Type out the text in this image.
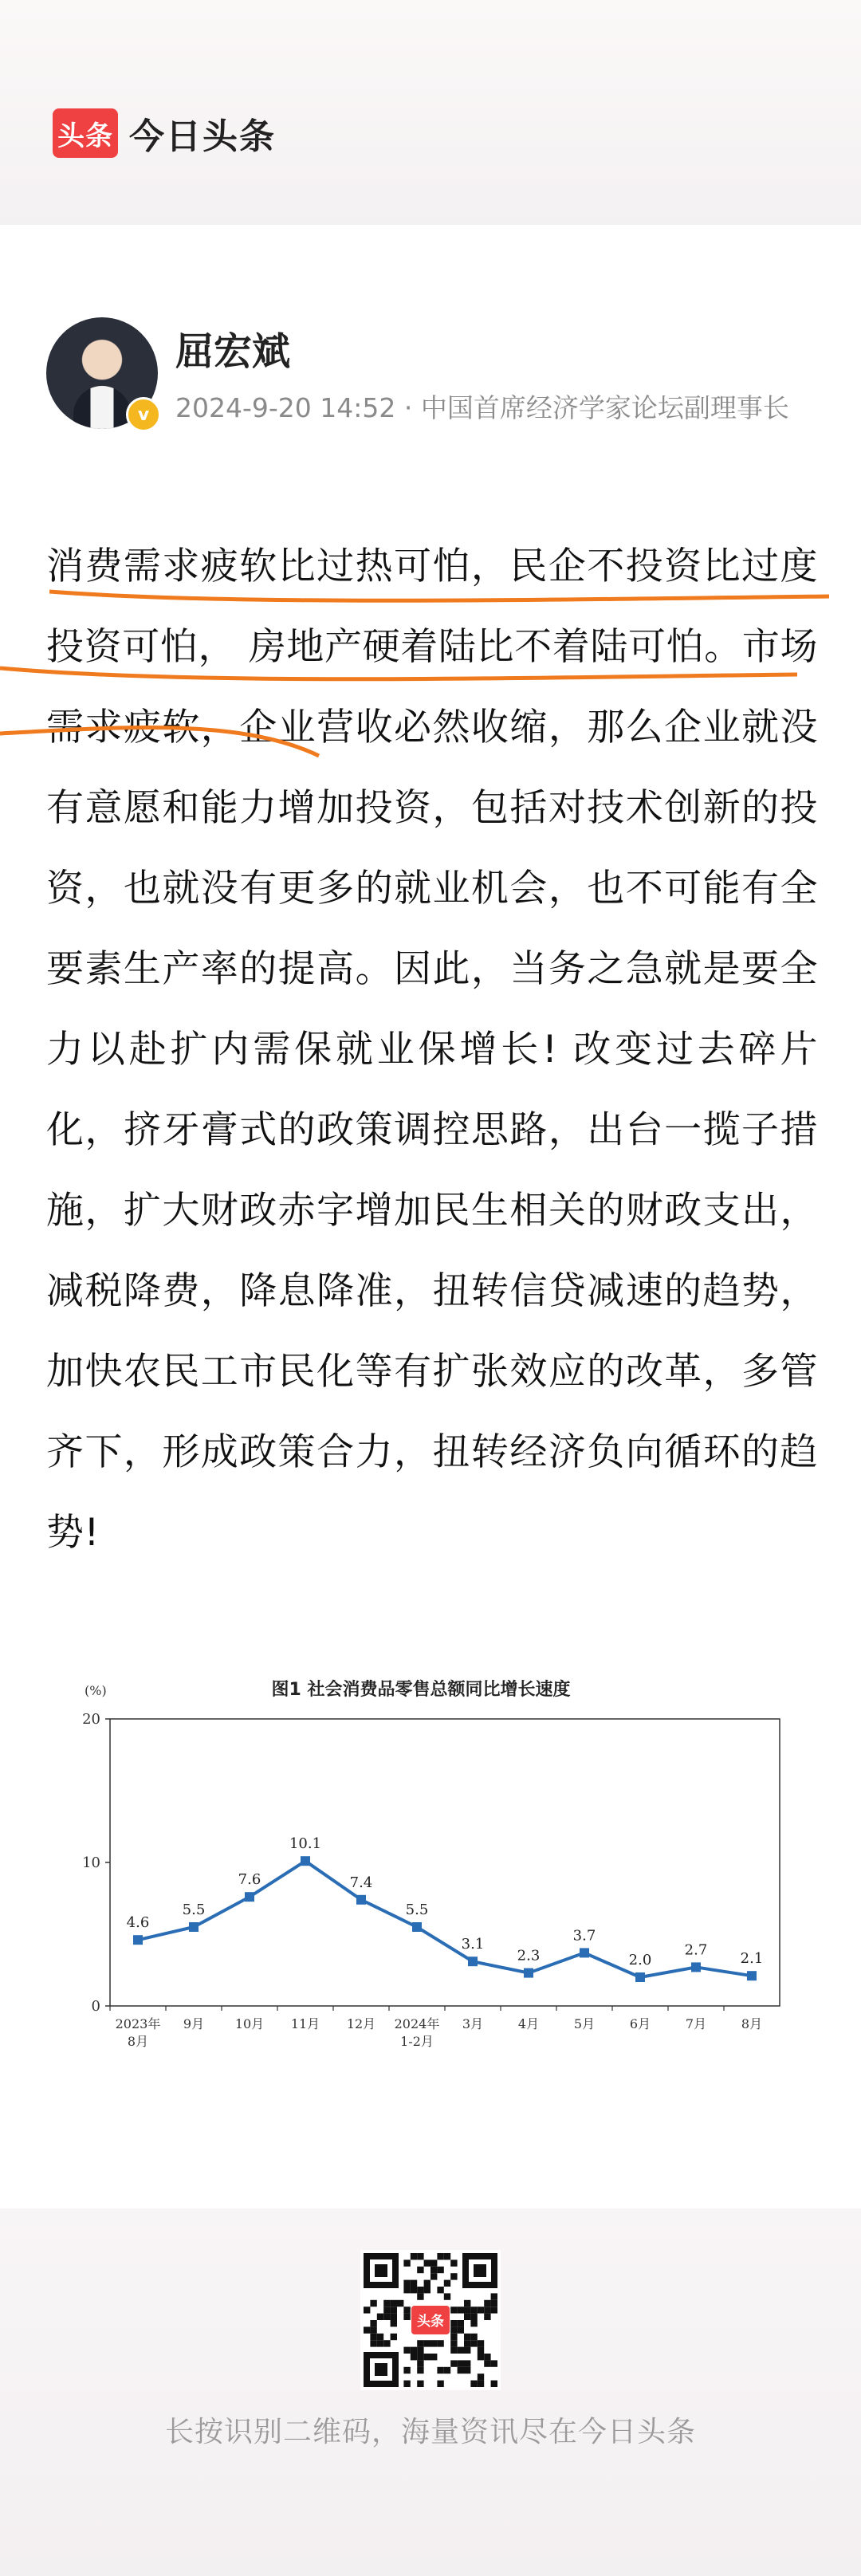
头条 今日头条
v
屈宏斌
2024-9-20 14:52 · 中国首席经济学家论坛副理事长
消费需求疲软比过热可怕，民企不投资比过度投资可怕， 房地产硬着陆比不着陆可怕。市场需求疲软，企业营收必然收缩，那么企业就没有意愿和能力增加投资，包括对技术创新的投资，也就没有更多的就业机会，也不可能有全要素生产率的提高。因此，当务之急就是要全力以赴扩内需保就业保增长! 改变过去碎片化，挤牙膏式的政策调控思路，出台一揽子措施，扩大财政赤字增加民生相关的财政支出，减税降费，降息降准，扭转信贷减速的趋势，加快农民工市民化等有扩张效应的改革，多管齐下，形成政策合力，扭转经济负向循环的趋势!
图1 社会消费品零售总额同比增长速度
(%)
0
10
20
4.6
2023年
8月
5.5
9月
7.6
10月
10.1
11月
7.4
12月
5.5
2024年
1-2月
3.1
3月
2.3
4月
3.7
5月
2.0
6月
2.7
7月
2.1
8月
头条
长按识别二维码，海量资讯尽在今日头条
